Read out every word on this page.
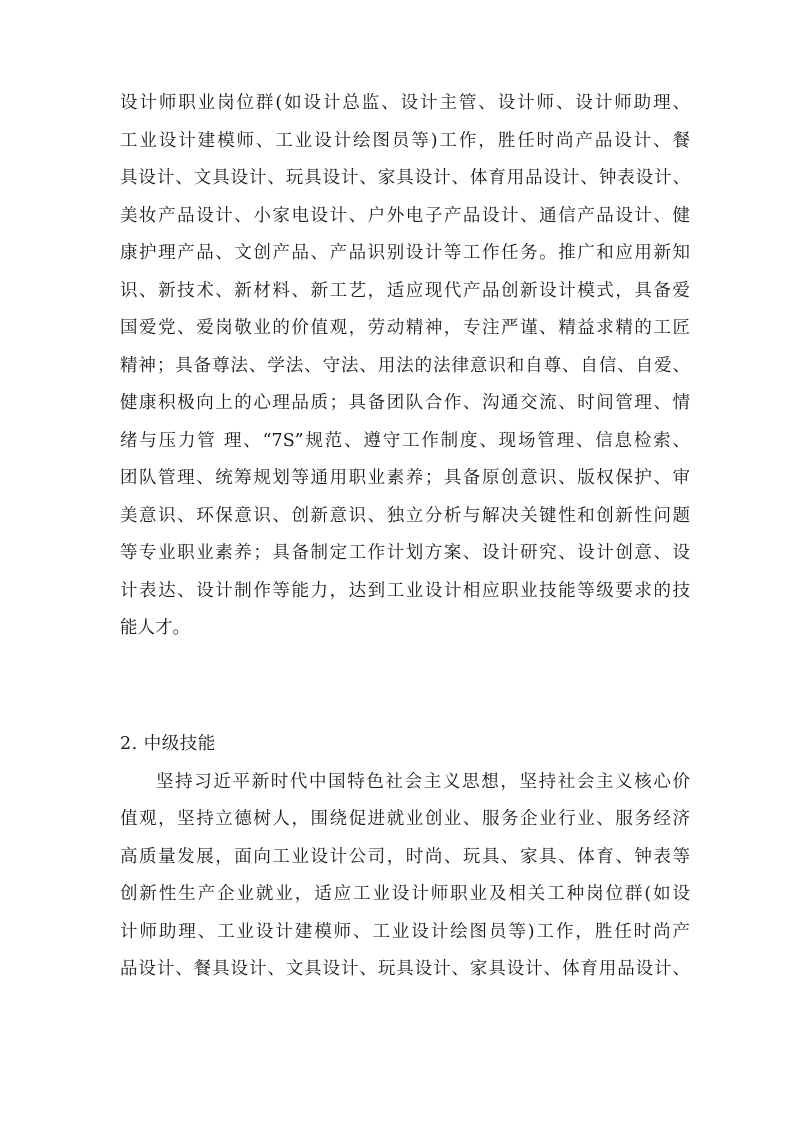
设计师职业岗位群(如设计总监、设计主管、设计师、设计师助理、
工业设计建模师、工业设计绘图员等)工作，胜任时尚产品设计、餐
具设计、文具设计、玩具设计、家具设计、体育用品设计、钟表设计、
美妆产品设计、小家电设计、户外电子产品设计、通信产品设计、健
康护理产品、文创产品、产品识别设计等工作任务。推广和应用新知
识、新技术、新材料、新工艺，适应现代产品创新设计模式，具备爱
国爱党、爱岗敬业的价值观，劳动精神，专注严谨、精益求精的工匠
精神；具备尊法、学法、守法、用法的法律意识和自尊、自信、自爱、
健康积极向上的心理品质；具备团队合作、沟通交流、时间管理、情
绪与压力管 理、“7S”规范、遵守工作制度、现场管理、信息检索、
团队管理、统筹规划等通用职业素养；具备原创意识、版权保护、审
美意识、环保意识、创新意识、独立分析与解决关键性和创新性问题
等专业职业素养；具备制定工作计划方案、设计研究、设计创意、设
计表达、设计制作等能力，达到工业设计相应职业技能等级要求的技
能人才。
2. 中级技能
坚持习近平新时代中国特色社会主义思想，坚持社会主义核心价
值观，坚持立德树人，围绕促进就业创业、服务企业行业、服务经济
高质量发展，面向工业设计公司，时尚、玩具、家具、体育、钟表等
创新性生产企业就业，适应工业设计师职业及相关工种岗位群(如设
计师助理、工业设计建模师、工业设计绘图员等)工作，胜任时尚产
品设计、餐具设计、文具设计、玩具设计、家具设计、体育用品设计、
